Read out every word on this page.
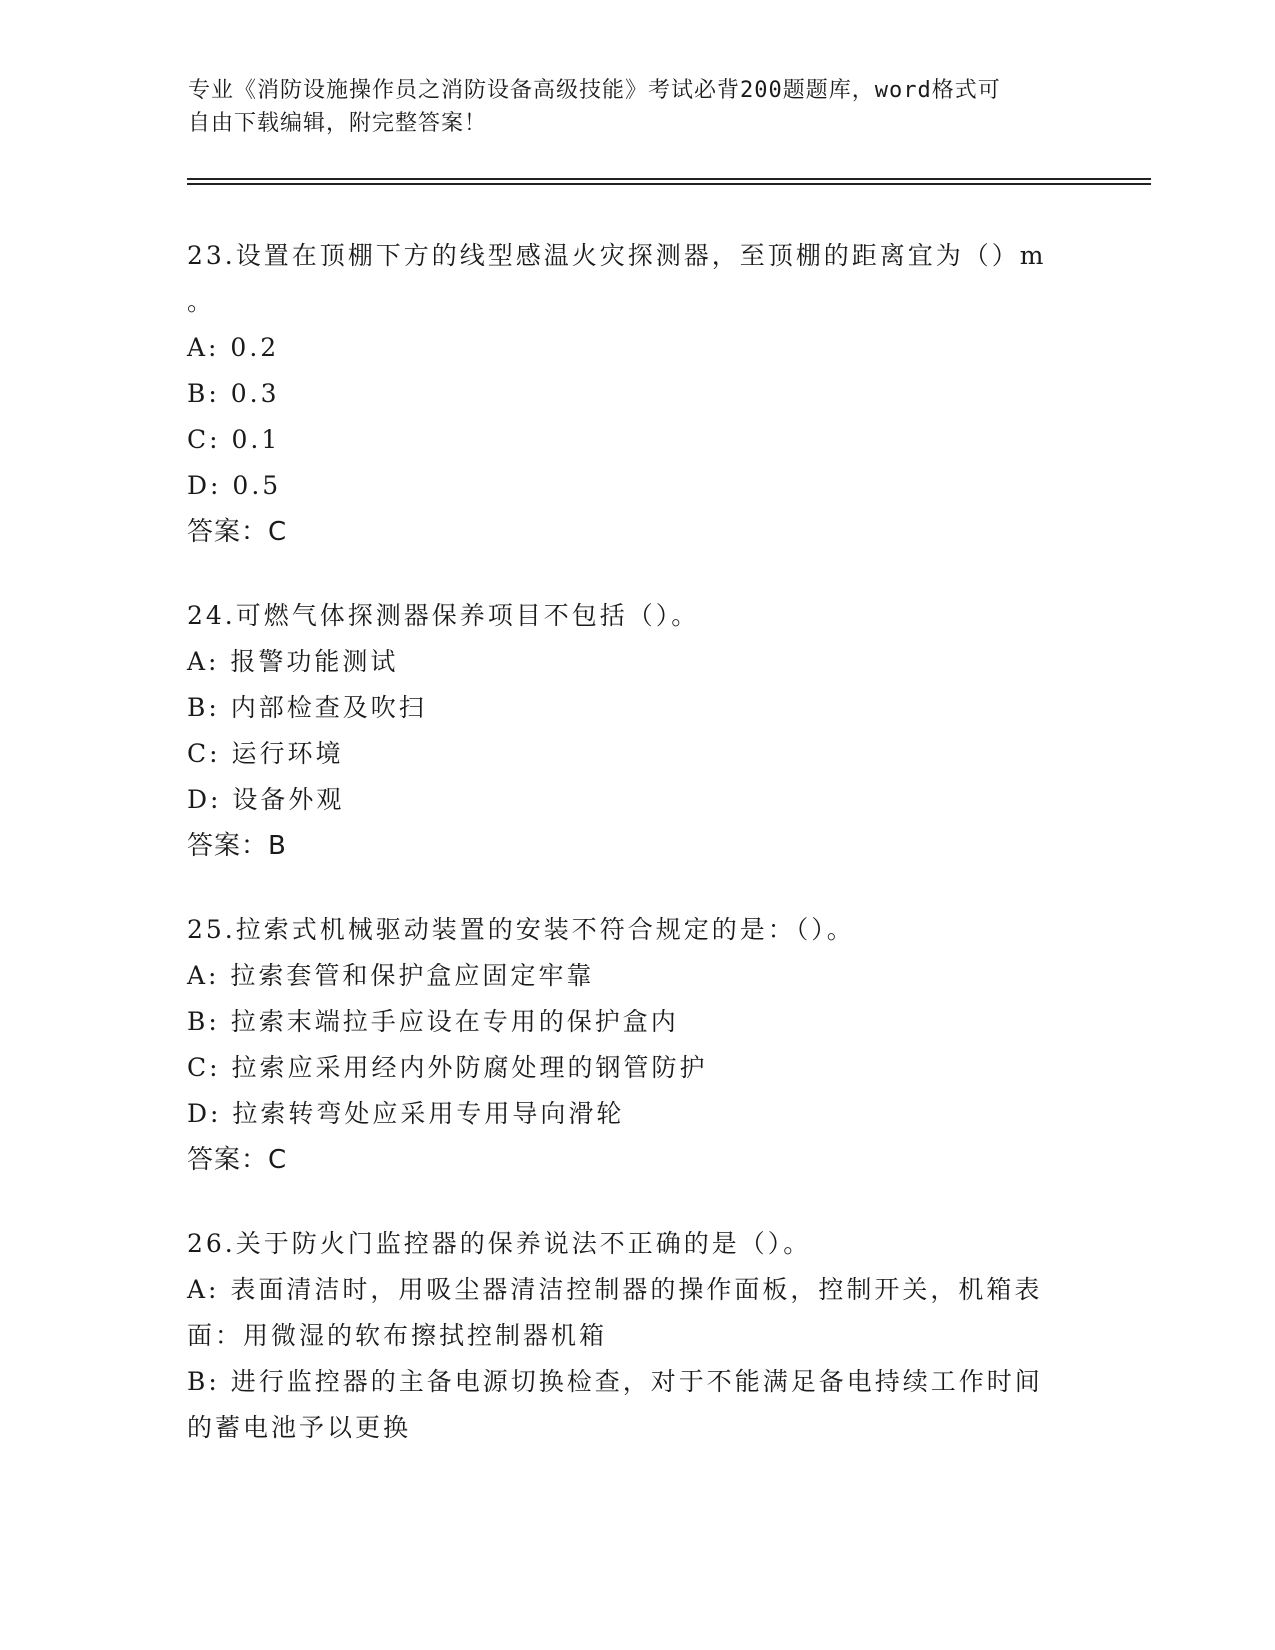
专业《消防设施操作员之消防设备高级技能》考试必背200题题库，word格式可
自由下载编辑，附完整答案！

23.设置在顶棚下方的线型感温火灾探测器，至顶棚的距离宜为（）m

。

A: 0.2

B: 0.3

C: 0.1

D: 0.5

答案：C

24.可燃气体探测器保养项目不包括（）。

A: 报警功能测试

B: 内部检查及吹扫

C: 运行环境

D: 设备外观

答案：B

25.拉索式机械驱动装置的安装不符合规定的是：（）。

A: 拉索套管和保护盒应固定牢靠

B: 拉索末端拉手应设在专用的保护盒内

C: 拉索应采用经内外防腐处理的钢管防护

D: 拉索转弯处应采用专用导向滑轮

答案：C

26.关于防火门监控器的保养说法不正确的是（）。

A: 表面清洁时，用吸尘器清洁控制器的操作面板，控制开关，机箱表

面：用微湿的软布擦拭控制器机箱

B: 进行监控器的主备电源切换检查，对于不能满足备电持续工作时间

的蓄电池予以更换
